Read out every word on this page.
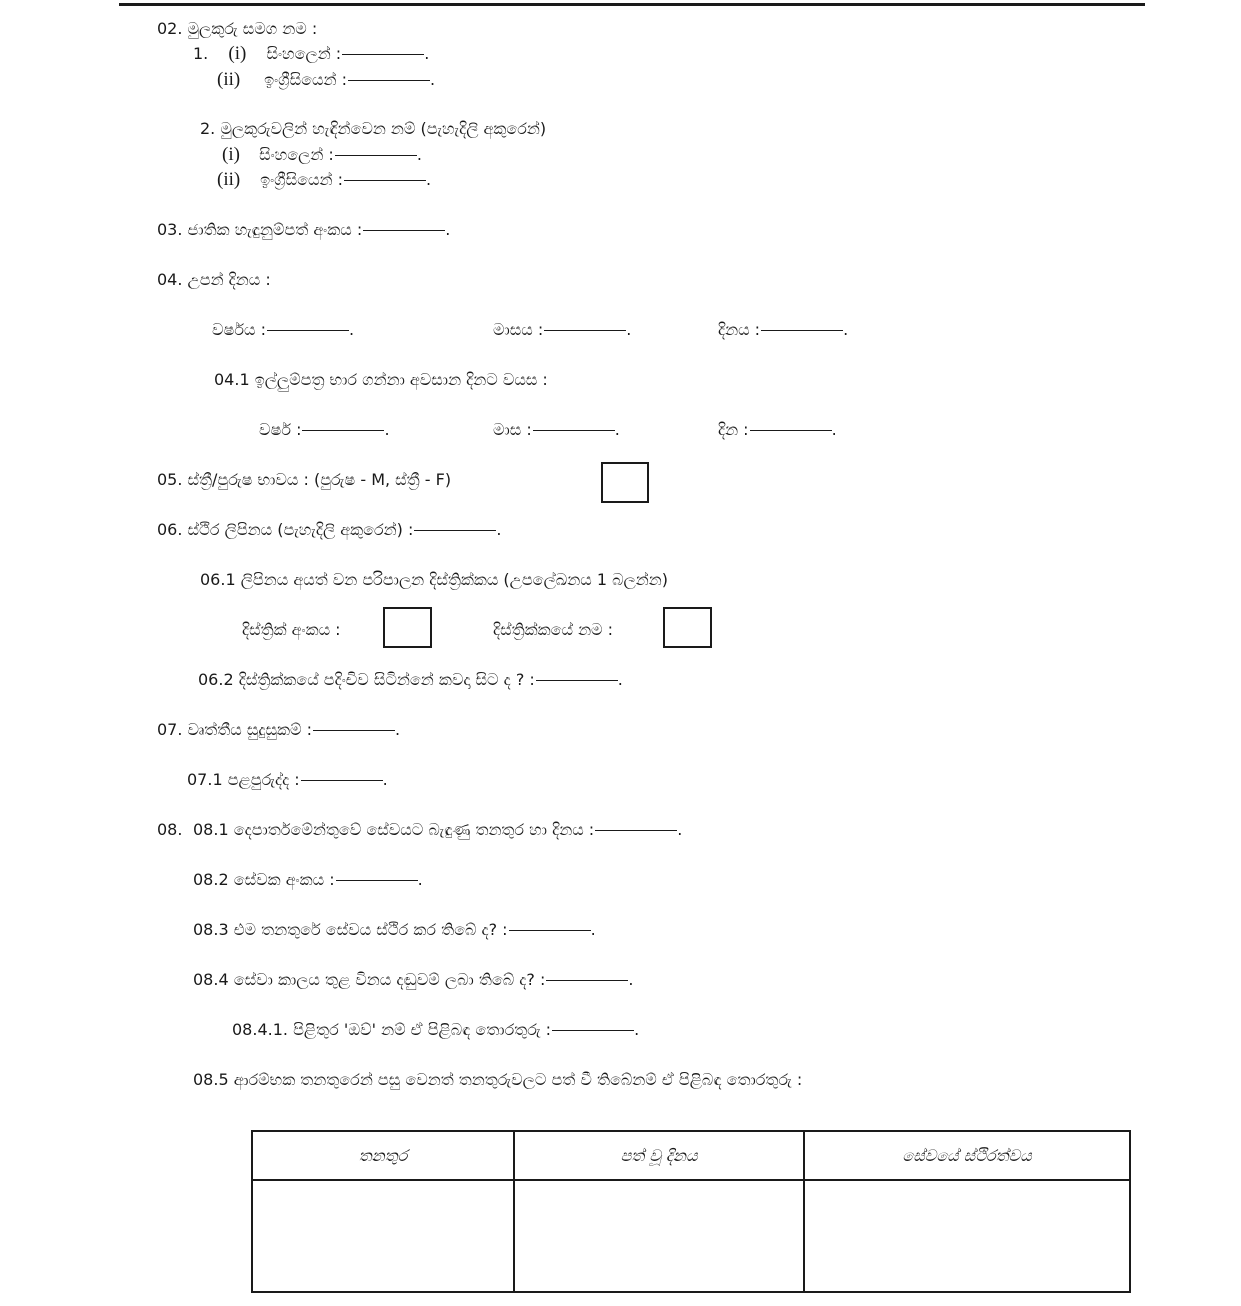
02. මුලකුරු සමග නම :
1. (i) සිංහලෙන් :	.
(ii) ඉංග්‍රීසියෙන් :	.
2. මුලකුරුවලින් හැඳින්වෙන නම් (පැහැදිලි අකුරෙන්)
(i) සිංහලෙන් :	.
(ii) ඉංග්‍රීසියෙන් :	.
03. ජාතික හැඳුනුම්පත් අංකය :	.
04. උපන් දිනය :
වර්ෂය :	.	මාසය :	.	දිනය :	.
04.1 ඉල්ලුම්පත්‍ර භාර ගන්නා අවසාන දිනට වයස :
වර්ෂ :	.	මාස :	.	දින :	.
05. ස්ත්‍රී/පුරුෂ භාවය : (පුරුෂ - M, ස්ත්‍රී - F)
06. ස්ථිර ලිපිනය (පැහැදිලි අකුරෙන්) :	.
06.1 ලිපිනය අයත් වන පරිපාලන දිස්ත්‍රික්කය (උපලේඛනය 1 බලන්න)
දිස්ත්‍රික් අංකය :	දිස්ත්‍රික්කයේ නම :
06.2 දිස්ත්‍රික්කයේ පදිංචිව සිටින්නේ කවදා සිට ද ? :	.
07. වෘත්තීය සුදුසුකම් :	.
07.1 පළපුරුද්ද :	.
08. 08.1 දෙපාර්තමේන්තුවේ සේවයට බැඳුණු තනතුර හා දිනය :	.
08.2 සේවක අංකය :	.
08.3 එම තනතුරේ සේවය ස්ථිර කර තිබේ ද? :	.
08.4 සේවා කාලය තුළ විනය දඬුවම් ලබා තිබේ ද? :	.
08.4.1. පිළිතුර 'ඔව්' නම් ඒ පිළිබඳ තොරතුරු :	.
08.5 ආරම්භක තනතුරෙන් පසු වෙනත් තනතුරුවලට පත් වී තිබේනම් ඒ පිළිබඳ තොරතුරු :
තනතුර	පත් වූ දිනය	සේවයේ ස්ථිරත්වය
